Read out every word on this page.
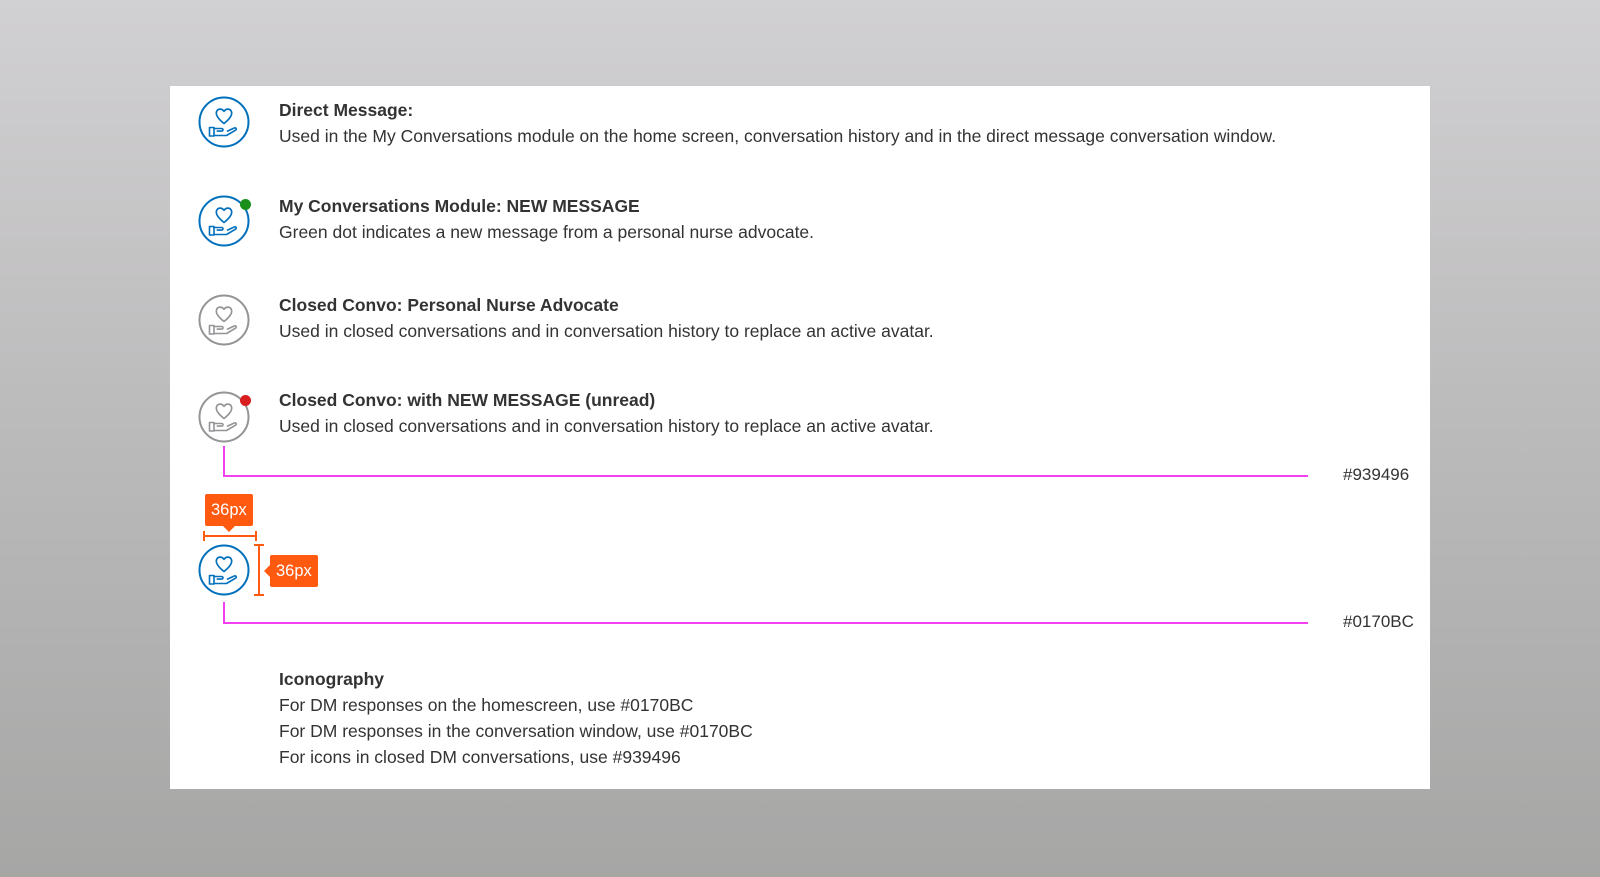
Direct Message:
Used in the My Conversations module on the home screen, conversation history and in the direct message conversation window.
My Conversations Module: NEW MESSAGE
Green dot indicates a new message from a personal nurse advocate.
Closed Convo: Personal Nurse Advocate
Used in closed conversations and in conversation history to replace an active avatar.
Closed Convo: with NEW MESSAGE (unread)
Used in closed conversations and in conversation history to replace an active avatar.
#939496
36px
36px
#0170BC
Iconography
For DM responses on the homescreen, use #0170BC
For DM responses in the conversation window, use #0170BC
For icons in closed DM conversations, use #939496
